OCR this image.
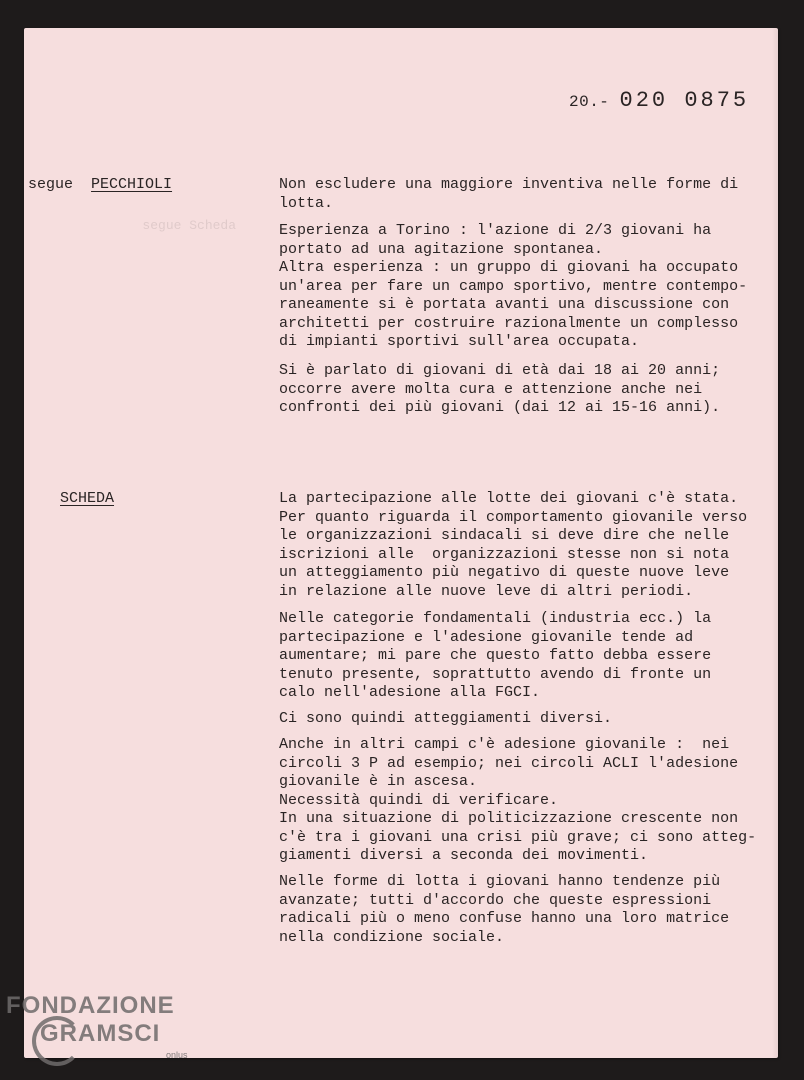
segue Scheda
20.- 020 0875
segue PECCHIOLI	Non escludere una maggiore inventiva nelle forme di
lotta.
Esperienza a Torino : l'azione di 2/3 giovani ha
portato ad una agitazione spontanea.
Altra esperienza : un gruppo di giovani ha occupato
un'area per fare un campo sportivo, mentre contempo-
raneamente si è portata avanti una discussione con
architetti per costruire razionalmente un complesso
di impianti sportivi sull'area occupata.
Si è parlato di giovani di età dai 18 ai 20 anni;
occorre avere molta cura e attenzione anche nei
confronti dei più giovani (dai 12 ai 15-16 anni).
SCHEDA	La partecipazione alle lotte dei giovani c'è stata.
Per quanto riguarda il comportamento giovanile verso
le organizzazioni sindacali si deve dire che nelle
iscrizioni alle  organizzazioni stesse non si nota
un atteggiamento più negativo di queste nuove leve
in relazione alle nuove leve di altri periodi.
Nelle categorie fondamentali (industria ecc.) la
partecipazione e l'adesione giovanile tende ad
aumentare; mi pare che questo fatto debba essere
tenuto presente, soprattutto avendo di fronte un
calo nell'adesione alla FGCI.
Ci sono quindi atteggiamenti diversi.
Anche in altri campi c'è adesione giovanile :  nei
circoli 3 P ad esempio; nei circoli ACLI l'adesione
giovanile è in ascesa.
Necessità quindi di verificare.
In una situazione di politicizzazione crescente non
c'è tra i giovani una crisi più grave; ci sono atteg-
giamenti diversi a seconda dei movimenti.
Nelle forme di lotta i giovani hanno tendenze più
avanzate; tutti d'accordo che queste espressioni
radicali più o meno confuse hanno una loro matrice
nella condizione sociale.
FONDAZIONE
GRAMSCI
onlus
